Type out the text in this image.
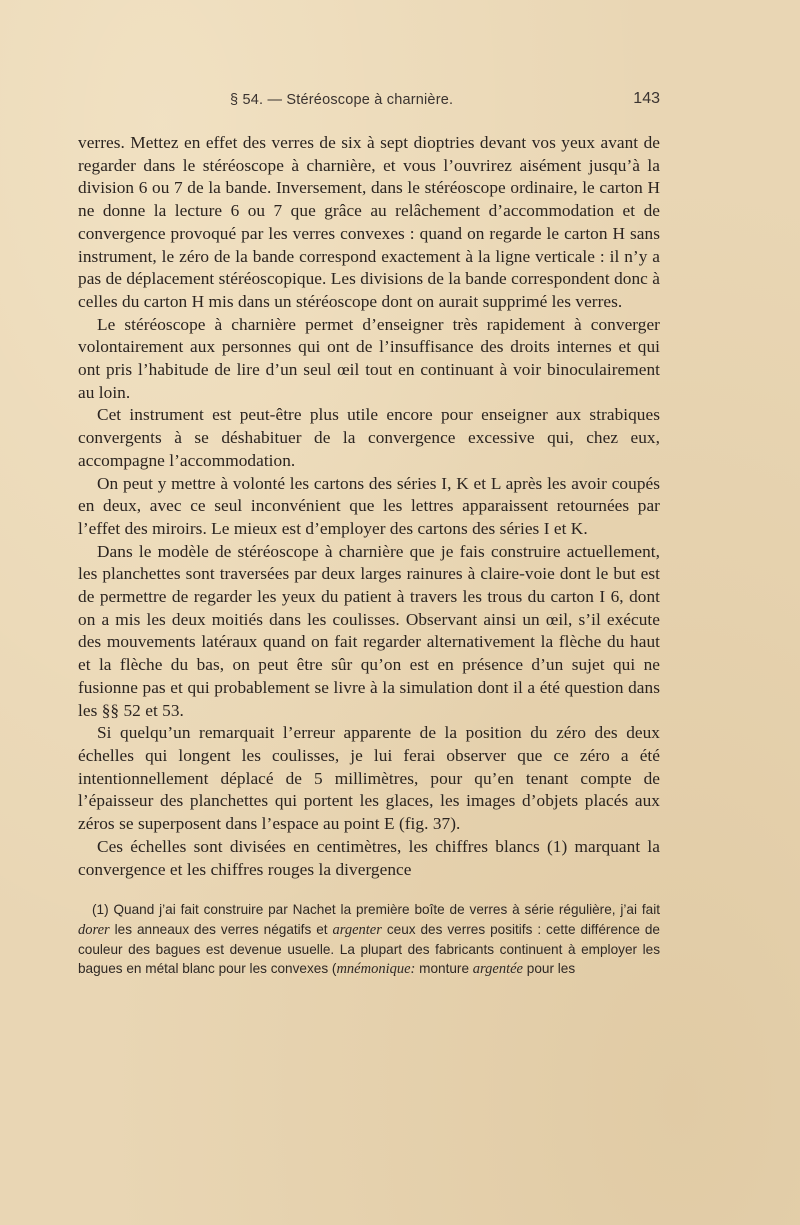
§ 54. — Stéréoscope à charnière.	143

verres. Mettez en effet des verres de six à sept dioptries devant vos yeux avant de regarder dans le stéréoscope à charnière, et vous l’ouvrirez aisément jusqu’à la division 6 ou 7 de la bande. Inversement, dans le stéréoscope ordinaire, le carton H ne donne la lecture 6 ou 7 que grâce au relâchement d’accommodation et de convergence provoqué par les verres convexes : quand on regarde le carton H sans instrument, le zéro de la bande correspond exactement à la ligne verticale : il n’y a pas de déplacement stéréoscopique. Les divisions de la bande correspondent donc à celles du carton H mis dans un stéréoscope dont on aurait supprimé les verres.

Le stéréoscope à charnière permet d’enseigner très rapidement à converger volontairement aux personnes qui ont de l’insuffisance des droits internes et qui ont pris l’habitude de lire d’un seul œil tout en continuant à voir binoculairement au loin.

Cet instrument est peut-être plus utile encore pour enseigner aux strabiques convergents à se déshabituer de la convergence excessive qui, chez eux, accompagne l’accommodation.

On peut y mettre à volonté les cartons des séries I, K et L après les avoir coupés en deux, avec ce seul inconvénient que les lettres apparaissent retournées par l’effet des miroirs. Le mieux est d’employer des cartons des séries I et K.

Dans le modèle de stéréoscope à charnière que je fais construire actuellement, les planchettes sont traversées par deux larges rainures à claire-voie dont le but est de permettre de regarder les yeux du patient à travers les trous du carton I 6, dont on a mis les deux moitiés dans les coulisses. Observant ainsi un œil, s’il exécute des mouvements latéraux quand on fait regarder alternativement la flèche du haut et la flèche du bas, on peut être sûr qu’on est en présence d’un sujet qui ne fusionne pas et qui probablement se livre à la simulation dont il a été question dans les §§ 52 et 53.

Si quelqu’un remarquait l’erreur apparente de la position du zéro des deux échelles qui longent les coulisses, je lui ferai observer que ce zéro a été intentionnellement déplacé de 5 millimètres, pour qu’en tenant compte de l’épaisseur des planchettes qui portent les glaces, les images d’objets placés aux zéros se superposent dans l’espace au point E (fig. 37).

Ces échelles sont divisées en centimètres, les chiffres blancs (1) marquant la convergence et les chiffres rouges la divergence

(1) Quand j’ai fait construire par Nachet la première boîte de verres à série régulière, j’ai fait dorer les anneaux des verres négatifs et argenter ceux des verres positifs : cette différence de couleur des bagues est devenue usuelle. La plupart des fabricants continuent à employer les bagues en métal blanc pour les convexes (mnémonique: monture argentée pour les
